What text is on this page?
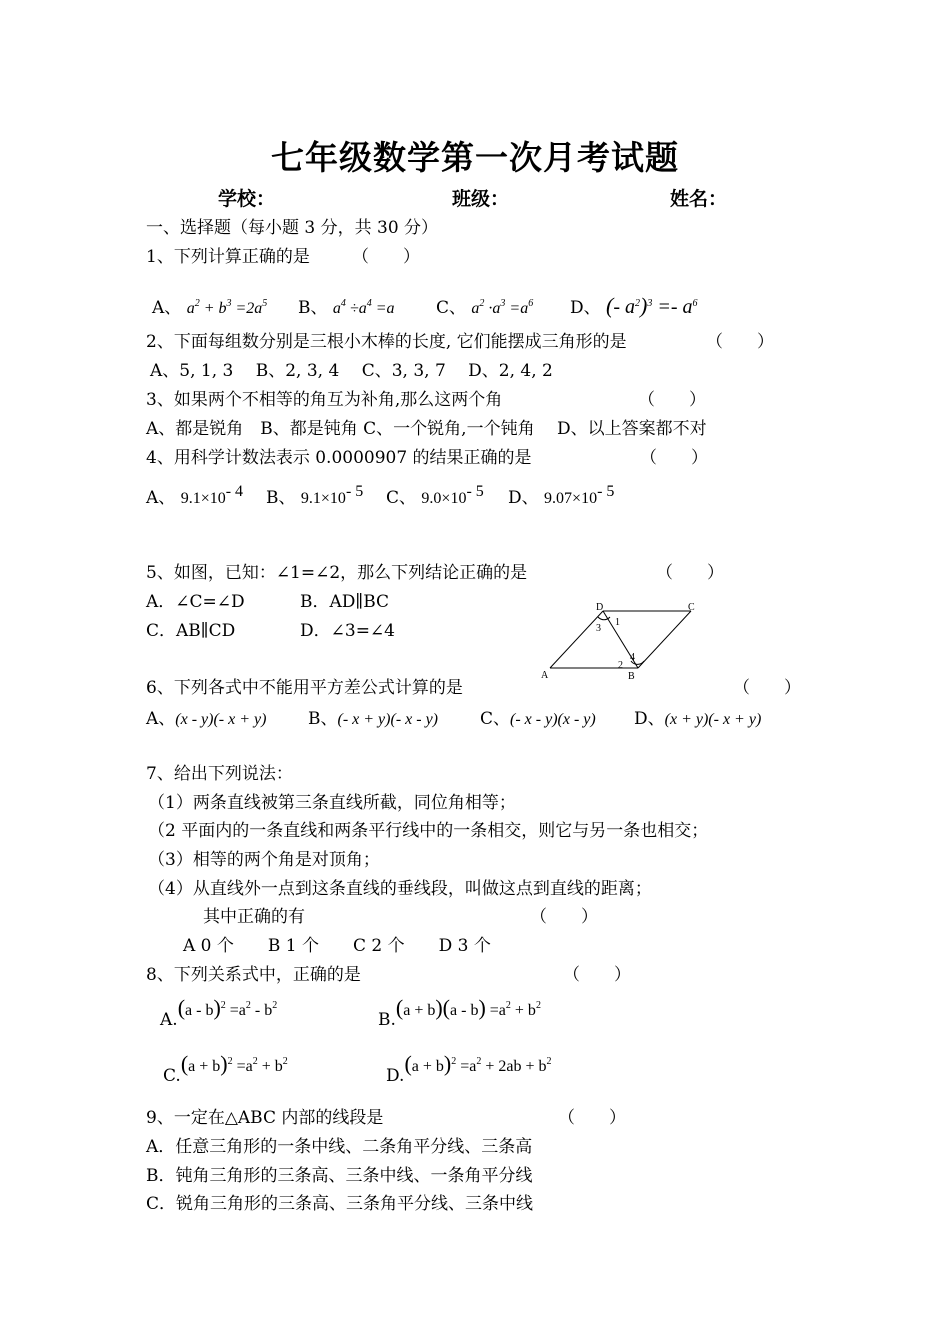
七年级数学第一次月考试题
学校：	班级：	姓名：
一、选择题（每小题 3 分，共 30 分）
1、下列计算正确的是 （　　）
A、 $a^2 + b^3 =2a^5$ B、 $a^4 \div a^4 =a$ C、 $a^2 \cdot a^3 =a^6$ D、 (- $a^2)^3 =- a^6$
2、下面每组数分别是三根小木棒的长度, 它们能摆成三角形的是	（　　）
A、5, 1, 3　 B、2, 3, 4　 C、3, 3, 7　 D、2, 4, 2
3、如果两个不相等的角互为补角,那么这两个角	（　　）
A、都是锐角　B、都是钝角 C、一个锐角,一个钝角　 D、以上答案都不对
4、用科学计数法表示 0.0000907 的结果正确的是	（　　）
A、 $9.1\times 10^{- 4}$ B、 $9.1\times 10^{- 5}$ C、 $9.0\times 10^{- 5}$ D、 $9.07\times 10^{- 5}$
5、如图，已知：∠1=∠2，那么下列结论正确的是	（　　）
A．∠C=∠D	B．AD∥BC
C．AB∥CD	D．∠3=∠4
D	C
A	B
1
2
3
4
6、下列各式中不能用平方差公式计算的是	（　　）
A、(x - y)(- x + y) B、(- x + y)(- x - y) C、(- x - y)(x - y) D、(x + y)(- x + y)
7、给出下列说法：
（1）两条直线被第三条直线所截，同位角相等；
（2 平面内的一条直线和两条平行线中的一条相交，则它与另一条也相交；
（3）相等的两个角是对顶角；
（4）从直线外一点到这条直线的垂线段，叫做这点到直线的距离；
其中正确的有	（　　）
A 0 个　　B 1 个　　C 2 个　　D 3 个
8、下列关系式中，正确的是	（　　）
$A.(a - b)^2 =a^2 - b^2$
$B.(a + b)(a - b) =a^2 + b^2$
$C.(a + b)^2 =a^2 + b^2$
$D.(a + b)^2 =a^2 + 2ab + b^2$
9、一定在△ABC 内部的线段是	（　　）
A．任意三角形的一条中线、二条角平分线、三条高
B．钝角三角形的三条高、三条中线、一条角平分线
C．锐角三角形的三条高、三条角平分线、三条中线
